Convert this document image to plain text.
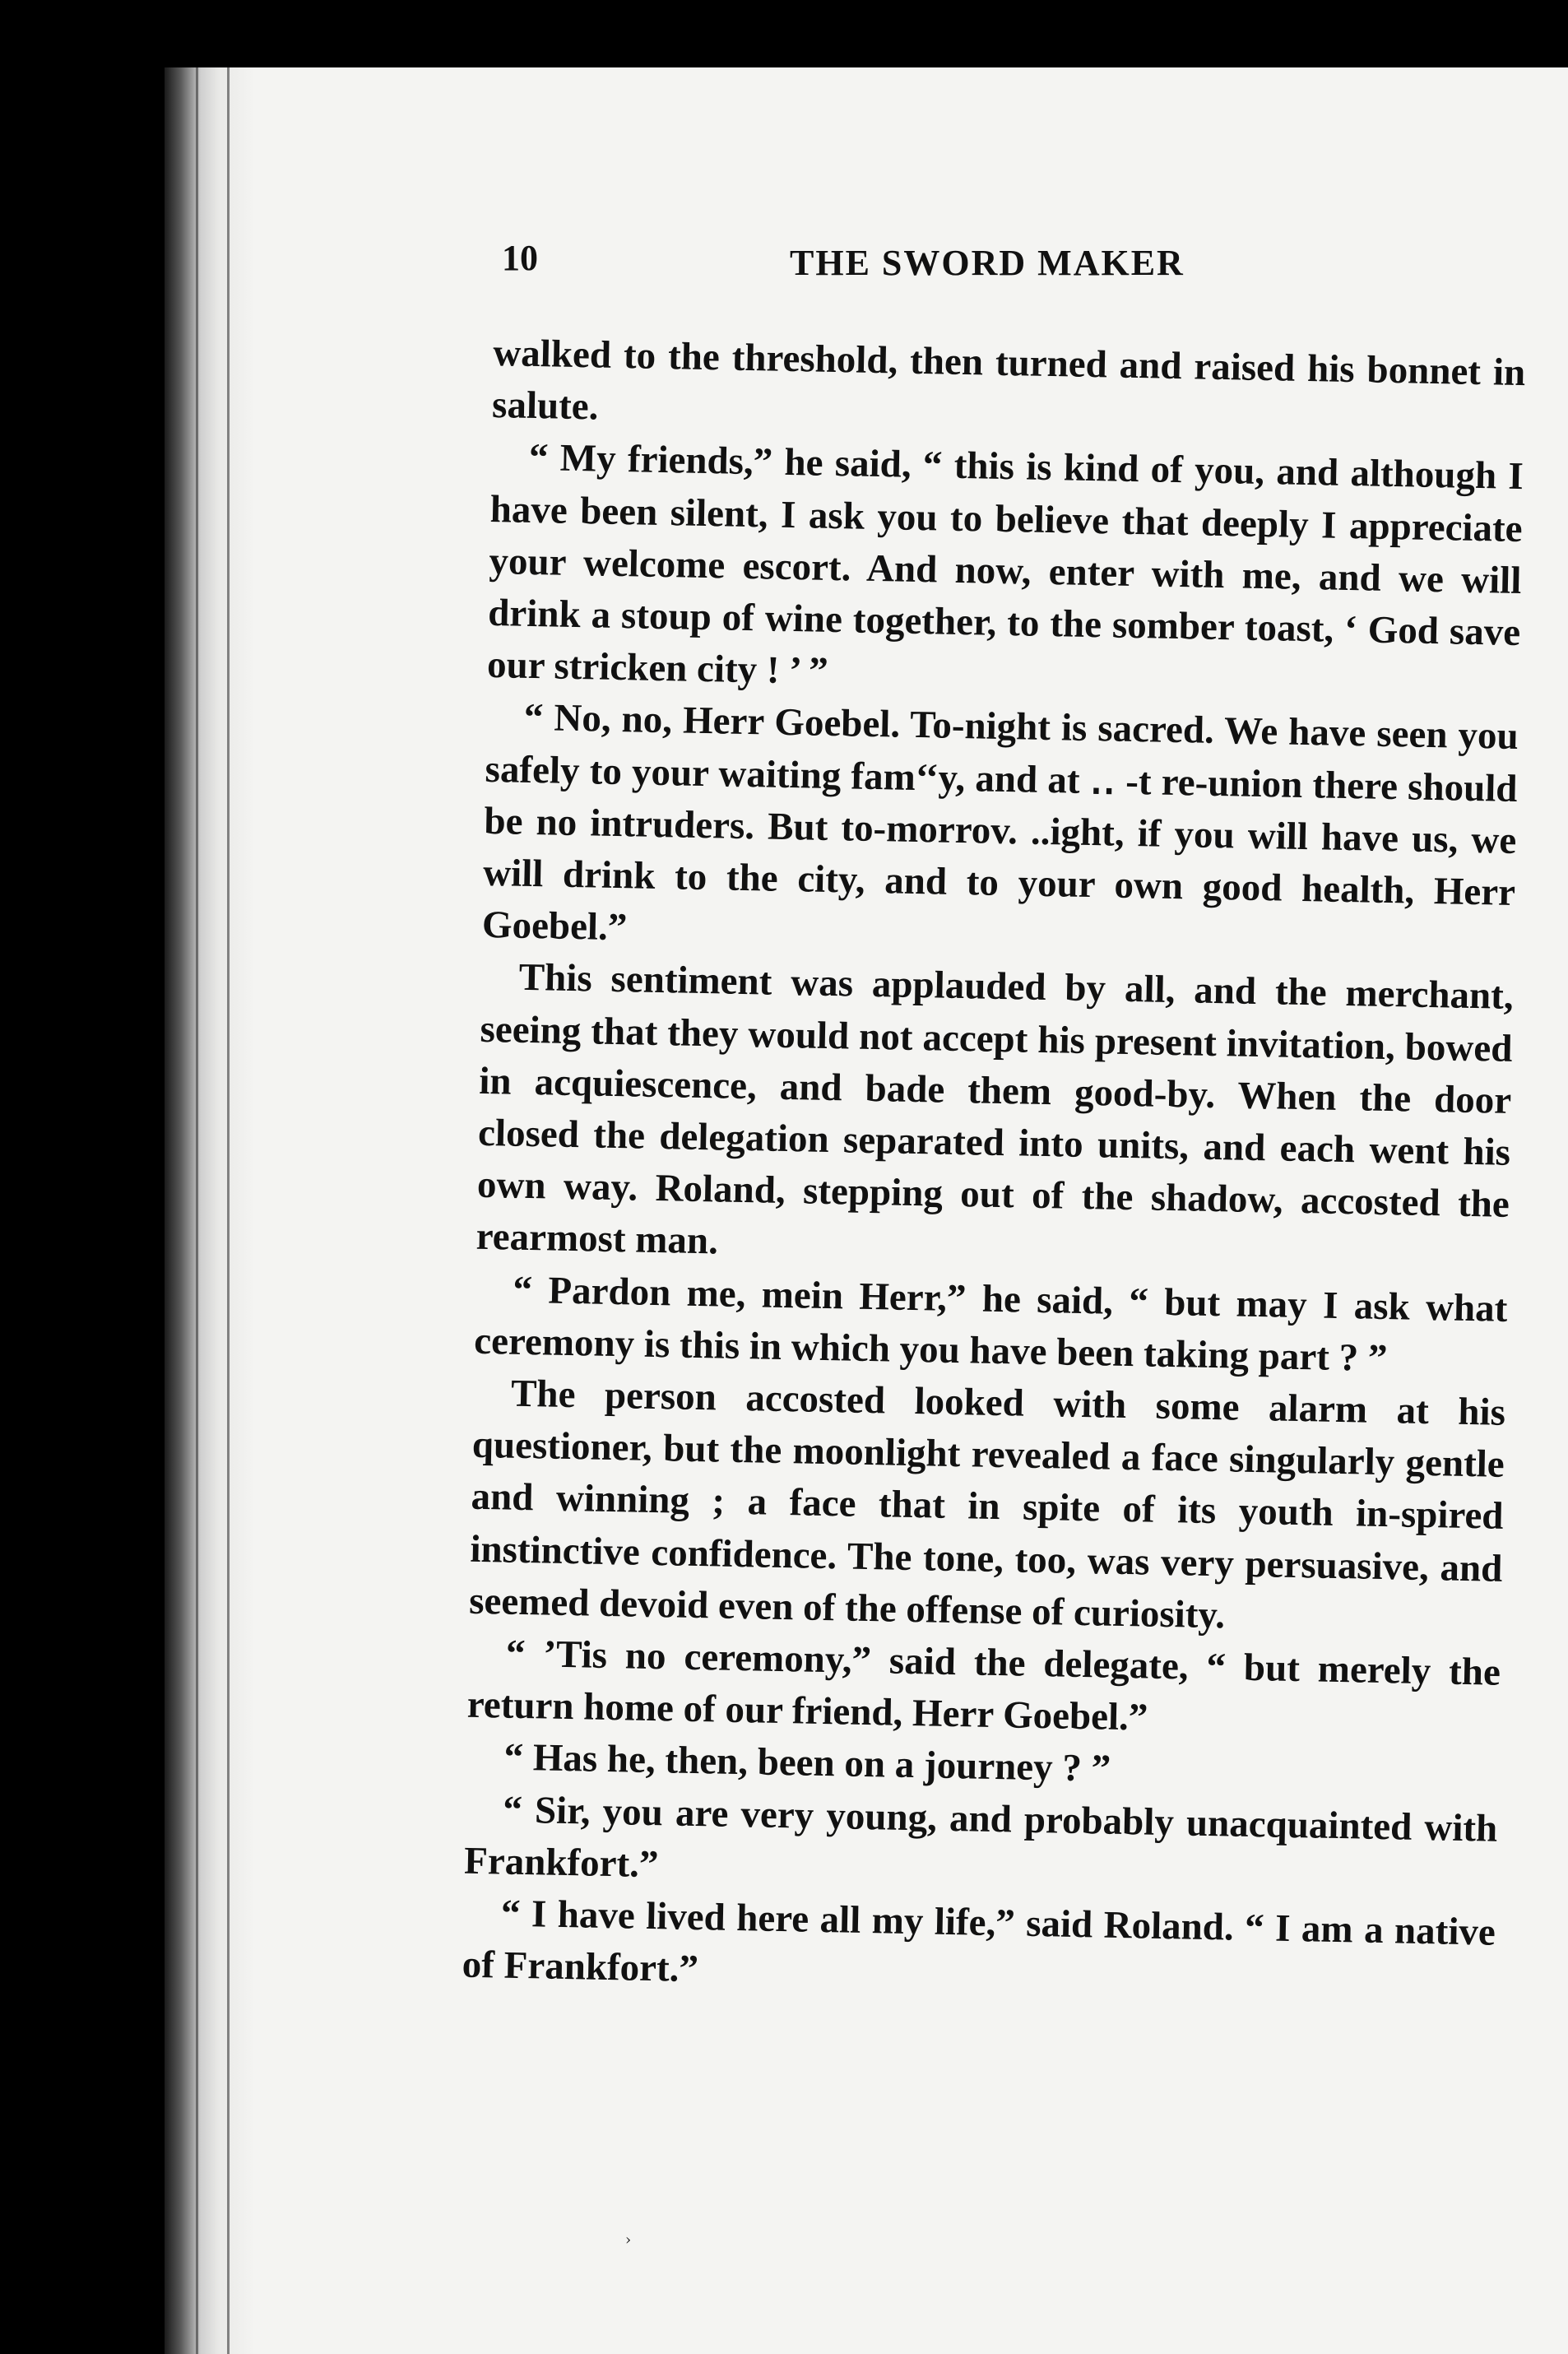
10	THE SWORD MAKER

walked to the threshold, then turned and raised his bonnet in salute.

“ My friends,” he said, “ this is kind of you, and although I have been silent, I ask you to believe that deeply I appreciate your welcome escort. And now, enter with me, and we will drink a stoup of wine together, to the somber toast, ‘ God save our stricken city ! ’ ”

“ No, no, Herr Goebel. To-night is sacred. We have seen you safely to your waiting fam‘‘y, and at ‥ ‑t re-union there should be no intruders. But to-morrov. ..ight, if you will have us, we will drink to the city, and to your own good health, Herr Goebel.”

This sentiment was applauded by all, and the merchant, seeing that they would not accept his present invitation, bowed in acquiescence, and bade them good-by. When the door closed the delegation separated into units, and each went his own way. Roland, stepping out of the shadow, accosted the rearmost man.

“ Pardon me, mein Herr,” he said, “ but may I ask what ceremony is this in which you have been taking part ? ”

The person accosted looked with some alarm at his questioner, but the moonlight revealed a face singularly gentle and winning ; a face that in spite of its youth in-spired instinctive confidence. The tone, too, was very persuasive, and seemed devoid even of the offense of curiosity.

“ ’Tis no ceremony,” said the delegate, “ but merely the return home of our friend, Herr Goebel.”

“ Has he, then, been on a journey ? ”

“ Sir, you are very young, and probably unacquainted with Frankfort.”

“ I have lived here all my life,” said Roland. “ I am a native of Frankfort.”

›
